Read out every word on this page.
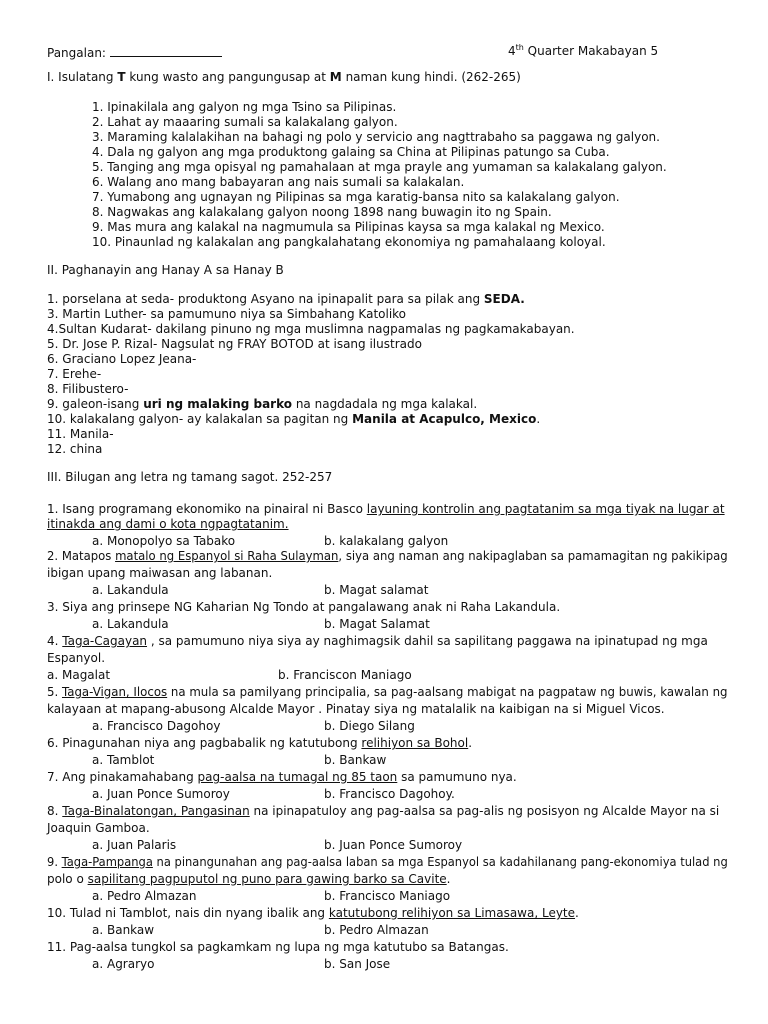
Pangalan:	4th Quarter Makabayan 5
I. Isulatang T kung wasto ang pangungusap at M naman kung hindi. (262-265)
1. Ipinakilala ang galyon ng mga Tsino sa Pilipinas.
2. Lahat ay maaaring sumali sa kalakalang galyon.
3. Maraming kalalakihan na bahagi ng polo y servicio ang nagttrabaho sa paggawa ng galyon.
4. Dala ng galyon ang mga produktong galaing sa China at Pilipinas patungo sa Cuba.
5. Tanging ang mga opisyal ng pamahalaan at mga prayle ang yumaman sa kalakalang galyon.
6. Walang ano mang babayaran ang nais sumali sa kalakalan.
7. Yumabong ang ugnayan ng Pilipinas sa mga karatig-bansa nito sa kalakalang galyon.
8. Nagwakas ang kalakalang galyon noong 1898 nang buwagin ito ng Spain.
9. Mas mura ang kalakal na nagmumula sa Pilipinas kaysa sa mga kalakal ng Mexico.
10. Pinaunlad ng kalakalan ang pangkalahatang ekonomiya ng pamahalaang koloyal.
II. Paghanayin ang Hanay A sa Hanay B
1. porselana at seda- produktong Asyano na ipinapalit para sa pilak ang SEDA.
3. Martin Luther- sa pamumuno niya sa Simbahang Katoliko
4.Sultan Kudarat- dakilang pinuno ng mga muslimna nagpamalas ng pagkamakabayan.
5. Dr. Jose P. Rizal- Nagsulat ng FRAY BOTOD at isang ilustrado
6. Graciano Lopez Jeana-
7. Erehe-
8. Filibustero-
9. galeon-isang uri ng malaking barko na nagdadala ng mga kalakal.
10. kalakalang galyon- ay kalakalan sa pagitan ng Manila at Acapulco, Mexico.
11. Manila-
12. china
III. Bilugan ang letra ng tamang sagot. 252-257
1. Isang programang ekonomiko na pinairal ni Basco layuning kontrolin ang pagtatanim sa mga tiyak na lugar at
itinakda ang dami o kota ngpagtatanim.
a. Monopolyo sa Tabako	b. kalakalang galyon
2. Matapos matalo ng Espanyol si Raha Sulayman, siya ang naman ang nakipaglaban sa pamamagitan ng pakikipag
ibigan upang maiwasan ang labanan.
a. Lakandula	b. Magat salamat
3. Siya ang prinsepe NG Kaharian Ng Tondo at pangalawang anak ni Raha Lakandula.
a. Lakandula	b. Magat Salamat
4. Taga-Cagayan , sa pamumuno niya siya ay naghimagsik dahil sa sapilitang paggawa na ipinatupad ng mga
Espanyol.
a. Magalat	b. Franciscon Maniago
5. Taga-Vigan, Ilocos na mula sa pamilyang principalia, sa pag-aalsang mabigat na pagpataw ng buwis, kawalan ng
kalayaan at mapang-abusong Alcalde Mayor . Pinatay siya ng matalalik na kaibigan na si Miguel Vicos.
a. Francisco Dagohoy	b. Diego Silang
6. Pinagunahan niya ang pagbabalik ng katutubong relihiyon sa Bohol.
a. Tamblot	b. Bankaw
7. Ang pinakamahabang pag-aalsa na tumagal ng 85 taon sa pamumuno nya.
a. Juan Ponce Sumoroy	b. Francisco Dagohoy.
8. Taga-Binalatongan, Pangasinan na ipinapatuloy ang pag-aalsa sa pag-alis ng posisyon ng Alcalde Mayor na si
Joaquin Gamboa.
a. Juan Palaris	b. Juan Ponce Sumoroy
9. Taga-Pampanga na pinangunahan ang pag-aalsa laban sa mga Espanyol sa kadahilanang pang-ekonomiya tulad ng
polo o sapilitang pagpuputol ng puno para gawing barko sa Cavite.
a. Pedro Almazan	b. Francisco Maniago
10. Tulad ni Tamblot, nais din nyang ibalik ang katutubong relihiyon sa Limasawa, Leyte.
a. Bankaw	b. Pedro Almazan
11. Pag-aalsa tungkol sa pagkamkam ng lupa ng mga katutubo sa Batangas.
a. Agraryo	b. San Jose
